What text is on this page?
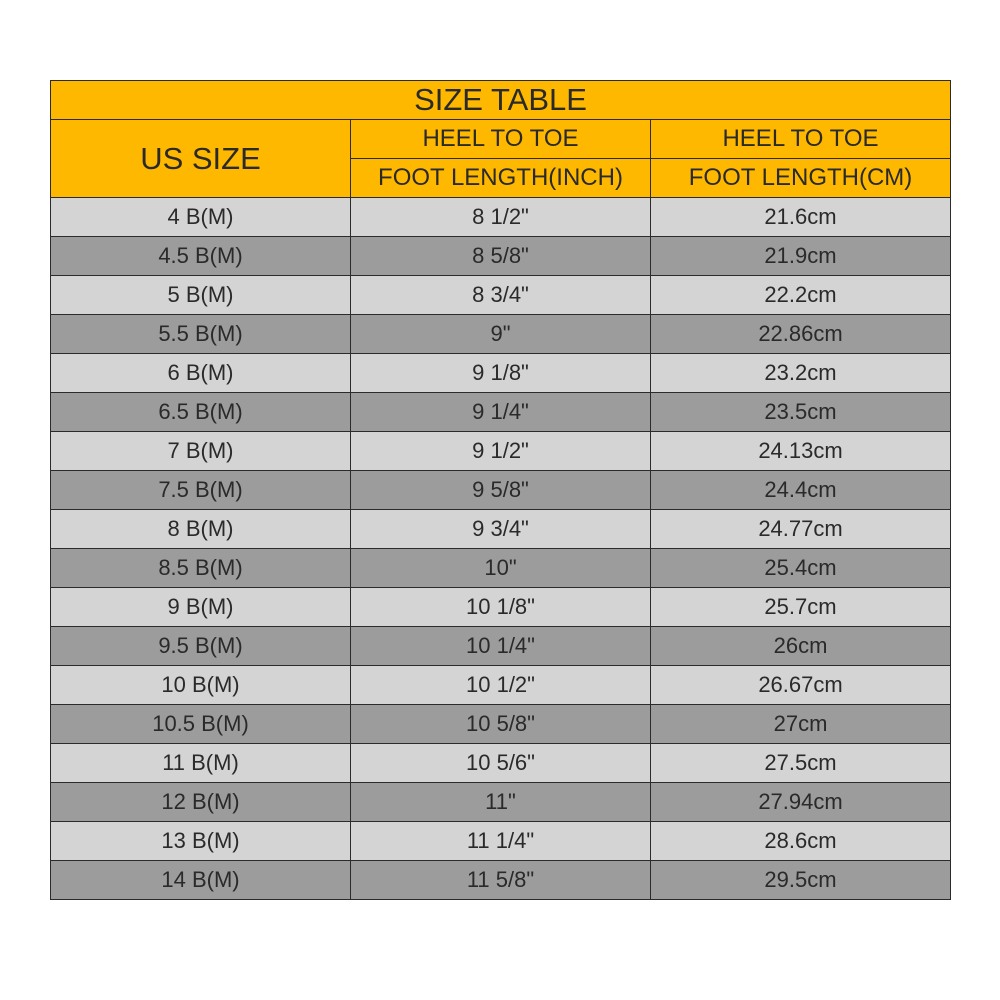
SIZE TABLE		
US SIZE	HEEL TO TOE	HEEL TO TOE
	FOOT LENGTH(INCH)	FOOT LENGTH(CM)
4 B(M)	8 1/2"	21.6cm
4.5 B(M)	8 5/8"	21.9cm
5 B(M)	8 3/4"	22.2cm
5.5 B(M)	9"	22.86cm
6 B(M)	9 1/8"	23.2cm
6.5 B(M)	9 1/4"	23.5cm
7 B(M)	9 1/2"	24.13cm
7.5 B(M)	9 5/8"	24.4cm
8 B(M)	9 3/4"	24.77cm
8.5 B(M)	10"	25.4cm
9 B(M)	10 1/8"	25.7cm
9.5 B(M)	10 1/4"	26cm
10 B(M)	10 1/2"	26.67cm
10.5 B(M)	10 5/8"	27cm
11 B(M)	10 5/6"	27.5cm
12 B(M)	11"	27.94cm
13 B(M)	11 1/4"	28.6cm
14 B(M)	11 5/8"	29.5cm
